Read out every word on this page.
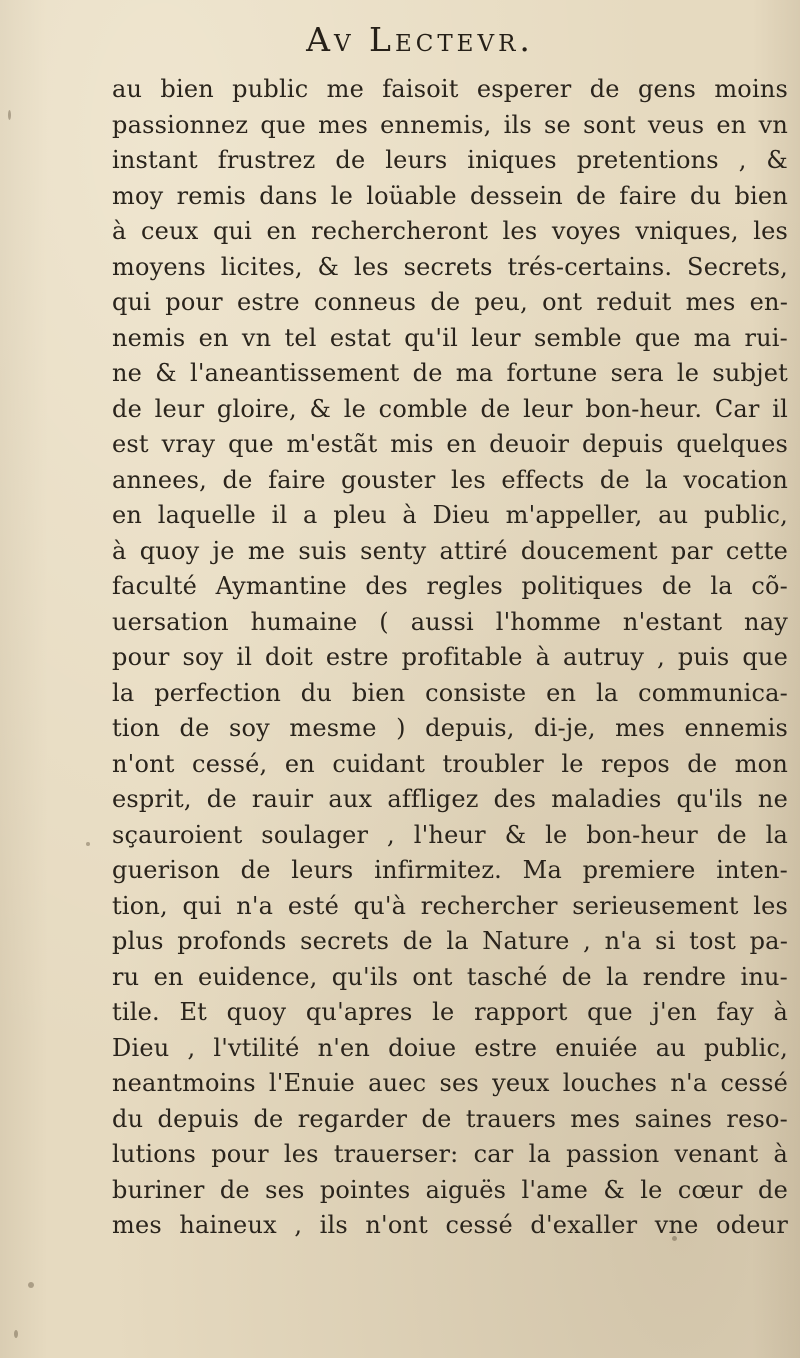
Av Lectevr.
au bien public me faisoit esperer de gens moins
passionnez que mes ennemis, ils se sont veus en vn
instant frustrez de leurs iniques pretentions , &
moy remis dans le loüable dessein de faire du bien
à ceux qui en rechercheront les voyes vniques, les
moyens licites, & les secrets trés-certains. Secrets,
qui pour estre conneus de peu, ont reduit mes en-
nemis en vn tel estat qu'il leur semble que ma rui-
ne & l'aneantissement de ma fortune sera le subjet
de leur gloire, & le comble de leur bon-heur. Car il
est vray que m'estãt mis en deuoir depuis quelques
annees, de faire gouster les effects de la vocation
en laquelle il a pleu à Dieu m'appeller, au public,
à quoy je me suis senty attiré doucement par cette
faculté Aymantine des regles politiques de la cõ-
uersation humaine ( aussi l'homme n'estant nay
pour soy il doit estre profitable à autruy , puis que
la perfection du bien consiste en la communica-
tion de soy mesme ) depuis, di-je, mes ennemis
n'ont cessé, en cuidant troubler le repos de mon
esprit, de rauir aux affligez des maladies qu'ils ne
sçauroient soulager , l'heur & le bon-heur de la
guerison de leurs infirmitez. Ma premiere inten-
tion, qui n'a esté qu'à rechercher serieusement les
plus profonds secrets de la Nature , n'a si tost pa-
ru en euidence, qu'ils ont tasché de la rendre inu-
tile. Et quoy qu'apres le rapport que j'en fay à
Dieu , l'vtilité n'en doiue estre enuiée au public,
neantmoins l'Enuie auec ses yeux louches n'a cessé
du depuis de regarder de trauers mes saines reso-
lutions pour les trauerser: car la passion venant à
buriner de ses pointes aiguës l'ame & le cœur de
mes haineux , ils n'ont cessé d'exaller vne odeur
